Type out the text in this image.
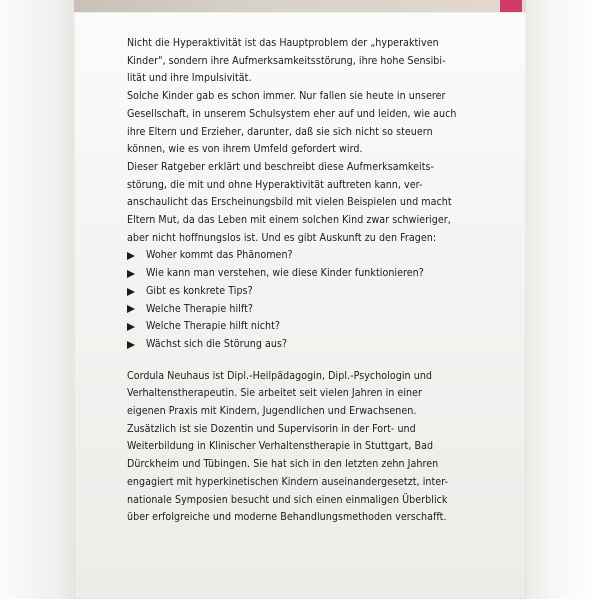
Nicht die Hyperaktivität ist das Hauptproblem der „hyperaktiven
Kinder", sondern ihre Aufmerksamkeitsstörung, ihre hohe Sensibi-
lität und ihre Impulsivität.
Solche Kinder gab es schon immer. Nur fallen sie heute in unserer
Gesellschaft, in unserem Schulsystem eher auf und leiden, wie auch
ihre Eltern und Erzieher, darunter, daß sie sich nicht so steuern
können, wie es von ihrem Umfeld gefordert wird.
Dieser Ratgeber erklärt und beschreibt diese Aufmerksamkeits-
störung, die mit und ohne Hyperaktivität auftreten kann, ver-
anschaulicht das Erscheinungsbild mit vielen Beispielen und macht
Eltern Mut, da das Leben mit einem solchen Kind zwar schwieriger,
aber nicht hoffnungslos ist. Und es gibt Auskunft zu den Fragen:
Woher kommt das Phänomen?
Wie kann man verstehen, wie diese Kinder funktionieren?
Gibt es konkrete Tips?
Welche Therapie hilft?
Welche Therapie hilft nicht?
Wächst sich die Störung aus?
Cordula Neuhaus ist Dipl.-Heilpädagogin, Dipl.-Psychologin und
Verhaltenstherapeutin. Sie arbeitet seit vielen Jahren in einer
eigenen Praxis mit Kindern, Jugendlichen und Erwachsenen.
Zusätzlich ist sie Dozentin und Supervisorin in der Fort- und
Weiterbildung in Klinischer Verhaltenstherapie in Stuttgart, Bad
Dürckheim und Tübingen. Sie hat sich in den letzten zehn Jahren
engagiert mit hyperkinetischen Kindern auseinandergesetzt, inter-
nationale Symposien besucht und sich einen einmaligen Überblick
über erfolgreiche und moderne Behandlungsmethoden verschafft.
